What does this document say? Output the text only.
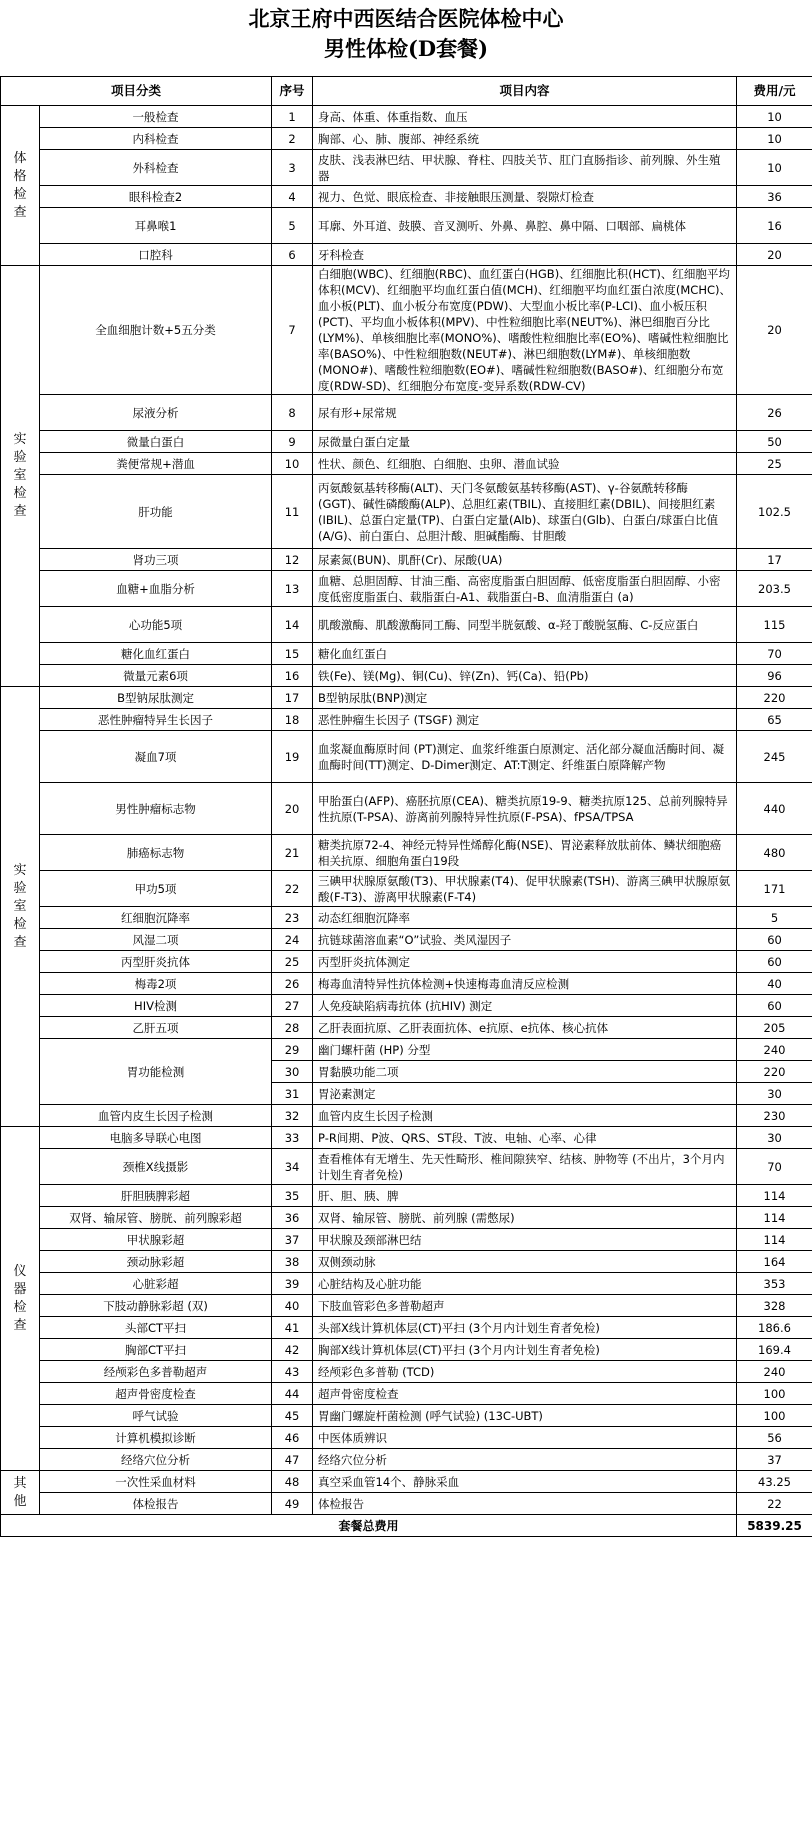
北京王府中西医结合医院体检中心
男性体检(D套餐)
项目分类		序号	项目内容	费用/元
体格检查	一般检查	1	身高、体重、体重指数、血压	10
	内科检查	2	胸部、心、肺、腹部、神经系统	10
	外科检查	3	皮肤、浅表淋巴结、甲状腺、脊柱、四肢关节、肛门直肠指诊、前列腺、外生殖器	10
	眼科检查2	4	视力、色觉、眼底检查、非接触眼压测量、裂隙灯检查	36
	耳鼻喉1	5	耳廓、外耳道、鼓膜、音叉测听、外鼻、鼻腔、鼻中隔、口咽部、扁桃体	16
	口腔科	6	牙科检查	20
实验室检查	全血细胞计数+5五分类	7	白细胞(WBC)、红细胞(RBC)、血红蛋白(HGB)、红细胞比积(HCT)、红细胞平均体积(MCV)、红细胞平均血红蛋白值(MCH)、红细胞平均血红蛋白浓度(MCHC)、血小板(PLT)、血小板分布宽度(PDW)、大型血小板比率(P-LCI)、血小板压积(PCT)、平均血小板体积(MPV)、中性粒细胞比率(NEUT%)、淋巴细胞百分比(LYM%)、单核细胞比率(MONO%)、嗜酸性粒细胞比率(EO%)、嗜碱性粒细胞比率(BASO%)、中性粒细胞数(NEUT#)、淋巴细胞数(LYM#)、单核细胞数(MONO#)、嗜酸性粒细胞数(EO#)、嗜碱性粒细胞数(BASO#)、红细胞分布宽度(RDW-SD)、红细胞分布宽度-变异系数(RDW-CV)	20
	尿液分析	8	尿有形+尿常规	26
	微量白蛋白	9	尿微量白蛋白定量	50
	粪便常规+潜血	10	性状、颜色、红细胞、白细胞、虫卵、潜血试验	25
	肝功能	11	丙氨酸氨基转移酶(ALT)、天门冬氨酸氨基转移酶(AST)、γ-谷氨酰转移酶(GGT)、碱性磷酸酶(ALP)、总胆红素(TBIL)、直接胆红素(DBIL)、间接胆红素(IBIL)、总蛋白定量(TP)、白蛋白定量(Alb)、球蛋白(Glb)、白蛋白/球蛋白比值(A/G)、前白蛋白、总胆汁酸、胆碱酯酶、甘胆酸	102.5
	肾功三项	12	尿素氮(BUN)、肌酐(Cr)、尿酸(UA)	17
	血糖+血脂分析	13	血糖、总胆固醇、甘油三酯、高密度脂蛋白胆固醇、低密度脂蛋白胆固醇、小密度低密度脂蛋白、载脂蛋白-A1、载脂蛋白-B、血清脂蛋白 (a)	203.5
	心功能5项	14	肌酸激酶、肌酸激酶同工酶、同型半胱氨酸、α-羟丁酸脱氢酶、C-反应蛋白	115
	糖化血红蛋白	15	糖化血红蛋白	70
	微量元素6项	16	铁(Fe)、镁(Mg)、铜(Cu)、锌(Zn)、钙(Ca)、铅(Pb)	96
实验室检查	B型钠尿肽测定	17	B型钠尿肽(BNP)测定	220
	恶性肿瘤特异生长因子	18	恶性肿瘤生长因子 (TSGF) 测定	65
	凝血7项	19	血浆凝血酶原时间 (PT)测定、血浆纤维蛋白原测定、活化部分凝血活酶时间、凝血酶时间(TT)测定、D-Dimer测定、AT:T测定、纤维蛋白原降解产物	245
	男性肿瘤标志物	20	甲胎蛋白(AFP)、癌胚抗原(CEA)、糖类抗原19-9、糖类抗原125、总前列腺特异性抗原(T-PSA)、游离前列腺特异性抗原(F-PSA)、fPSA/TPSA	440
	肺癌标志物	21	糖类抗原72-4、神经元特异性烯醇化酶(NSE)、胃泌素释放肽前体、鳞状细胞癌相关抗原、细胞角蛋白19段	480
	甲功5项	22	三碘甲状腺原氨酸(T3)、甲状腺素(T4)、促甲状腺素(TSH)、游离三碘甲状腺原氨酸(F-T3)、游离甲状腺素(F-T4)	171
	红细胞沉降率	23	动态红细胞沉降率	5
	风湿二项	24	抗链球菌溶血素“O”试验、类风湿因子	60
	丙型肝炎抗体	25	丙型肝炎抗体测定	60
	梅毒2项	26	梅毒血清特异性抗体检测+快速梅毒血清反应检测	40
	HIV检测	27	人免疫缺陷病毒抗体 (抗HIV) 测定	60
	乙肝五项	28	乙肝表面抗原、乙肝表面抗体、e抗原、e抗体、核心抗体	205
	胃功能检测	29	幽门螺杆菌 (HP) 分型	240
		30	胃黏膜功能二项	220
		31	胃泌素测定	30
	血管内皮生长因子检测	32	血管内皮生长因子检测	230
仪器检查	电脑多导联心电图	33	P-R间期、P波、QRS、ST段、T波、电轴、心率、心律	30
	颈椎X线摄影	34	查看椎体有无增生、先天性畸形、椎间隙狭窄、结核、肿物等 (不出片，3个月内计划生育者免检)	70
	肝胆胰脾彩超	35	肝、胆、胰、脾	114
	双肾、输尿管、膀胱、前列腺彩超	36	双肾、输尿管、膀胱、前列腺 (需憋尿)	114
	甲状腺彩超	37	甲状腺及颈部淋巴结	114
	颈动脉彩超	38	双侧颈动脉	164
	心脏彩超	39	心脏结构及心脏功能	353
	下肢动静脉彩超 (双)	40	下肢血管彩色多普勒超声	328
	头部CT平扫	41	头部X线计算机体层(CT)平扫 (3个月内计划生育者免检)	186.6
	胸部CT平扫	42	胸部X线计算机体层(CT)平扫 (3个月内计划生育者免检)	169.4
	经颅彩色多普勒超声	43	经颅彩色多普勒 (TCD)	240
	超声骨密度检查	44	超声骨密度检查	100
	呼气试验	45	胃幽门螺旋杆菌检测 (呼气试验) (13C-UBT)	100
	计算机模拟诊断	46	中医体质辨识	56
	经络穴位分析	47	经络穴位分析	37
其他	一次性采血材料	48	真空采血管14个、静脉采血	43.25
	体检报告	49	体检报告	22
套餐总费用				5839.25
